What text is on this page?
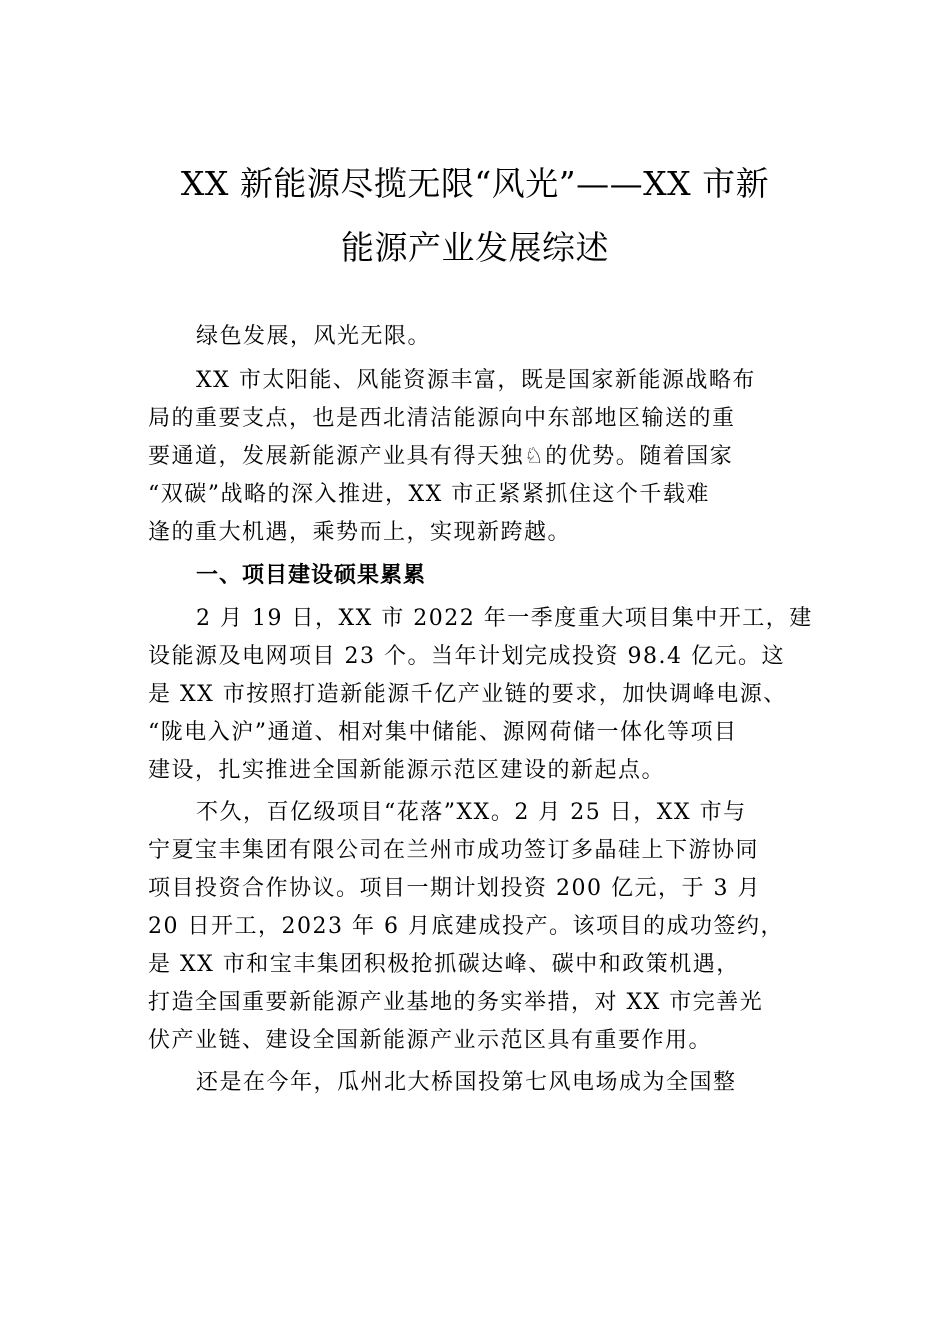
XX 新能源尽揽无限“风光”——XX 市新
能源产业发展综述

绿色发展，风光无限。

XX 市太阳能、风能资源丰富，既是国家新能源战略布
局的重要支点，也是西北清洁能源向中东部地区输送的重
要通道，发展新能源产业具有得天独♘的优势。随着国家
“双碳”战略的深入推进，XX 市正紧紧抓住这个千载难
逢的重大机遇，乘势而上，实现新跨越。

一、项目建设硕果累累

2 月 19 日，XX 市 2022 年一季度重大项目集中开工，建
设能源及电网项目 23 个。当年计划完成投资 98.4 亿元。这
是 XX 市按照打造新能源千亿产业链的要求，加快调峰电源、
“陇电入沪”通道、相对集中储能、源网荷储一体化等项目
建设，扎实推进全国新能源示范区建设的新起点。

不久，百亿级项目“花落”XX。2 月 25 日，XX 市与
宁夏宝丰集团有限公司在兰州市成功签订多晶硅上下游协同
项目投资合作协议。项目一期计划投资 200 亿元，于 3 月
20 日开工，2023 年 6 月底建成投产。该项目的成功签约，
是 XX 市和宝丰集团积极抢抓碳达峰、碳中和政策机遇，
打造全国重要新能源产业基地的务实举措，对 XX 市完善光
伏产业链、建设全国新能源产业示范区具有重要作用。

还是在今年，瓜州北大桥国投第七风电场成为全国整
